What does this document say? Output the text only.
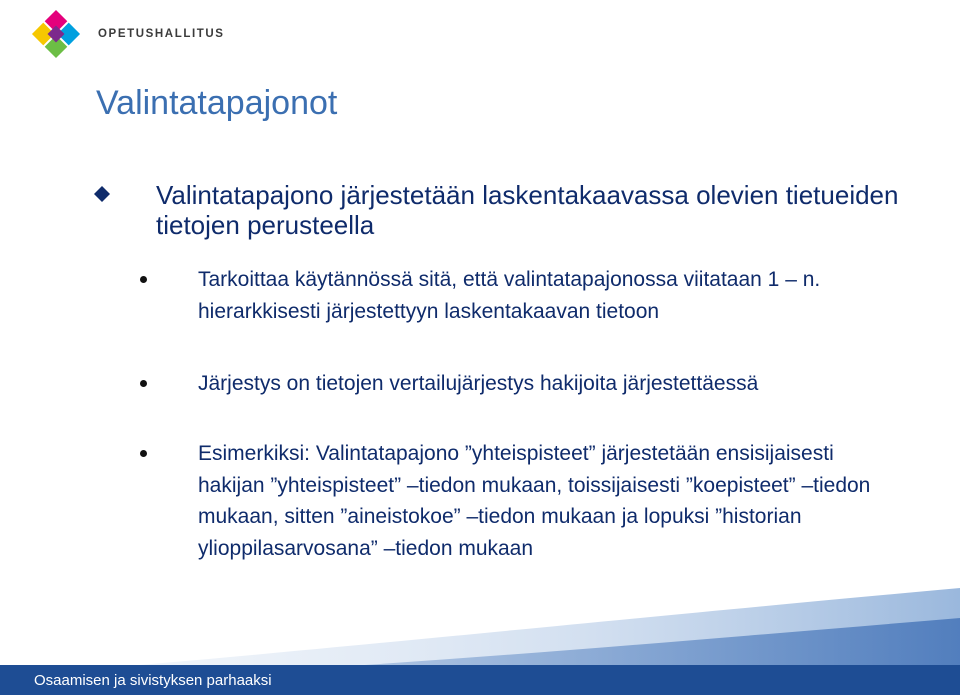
OPETUSHALLITUS
Valintatapajonot
Valintatapajono järjestetään laskentakaavassa olevien tietueiden tietojen perusteella
Tarkoittaa käytännössä sitä, että valintatapajonossa viitataan 1 – n. hierarkkisesti järjestettyyn laskentakaavan tietoon
Järjestys on tietojen vertailujärjestys hakijoita järjestettäessä
Esimerkiksi: Valintatapajono ”yhteispisteet” järjestetään ensisijaisesti hakijan ”yhteispisteet” –tiedon mukaan, toissijaisesti ”koepisteet” –tiedon mukaan, sitten ”aineistokoe” –tiedon mukaan ja lopuksi ”historian ylioppilasarvosana” –tiedon mukaan
Osaamisen ja sivistyksen parhaaksi
